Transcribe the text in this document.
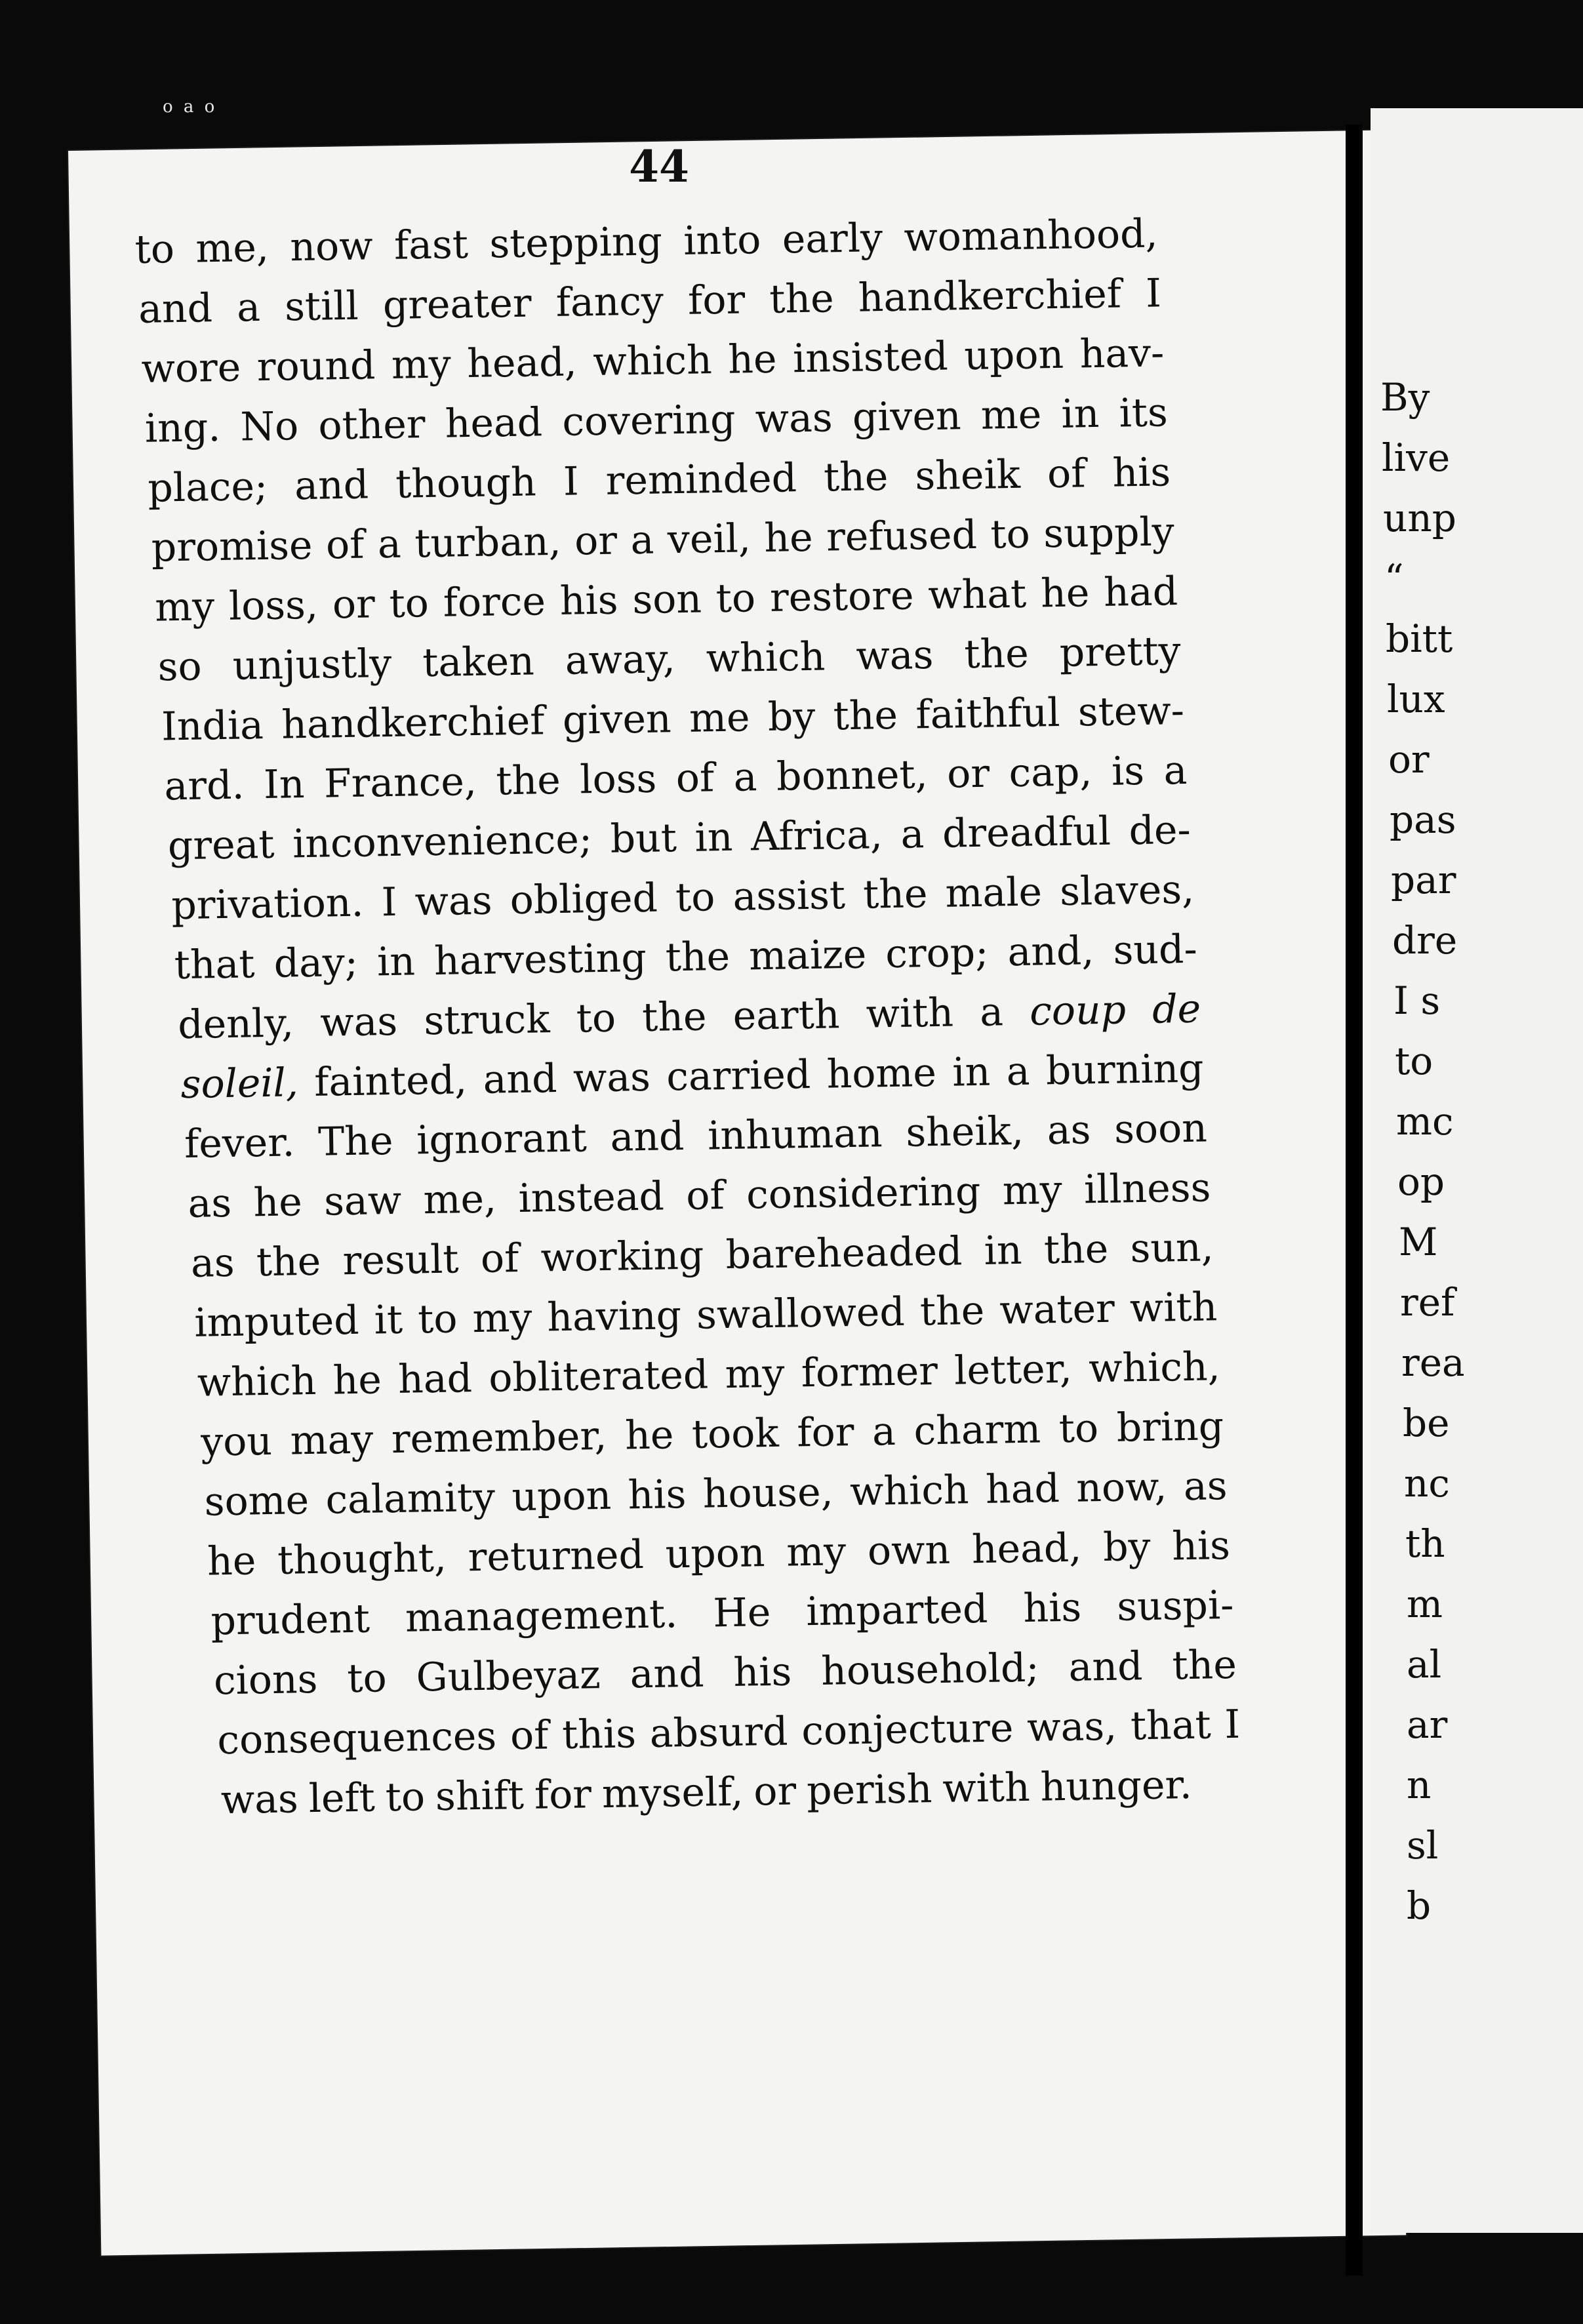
o a o
44
to me, now fast stepping into early womanhood,
and a still greater fancy for the handkerchief I
wore round my head, which he insisted upon hav-
ing. No other head covering was given me in its
place; and though I reminded the sheik of his
promise of a turban, or a veil, he refused to supply
my loss, or to force his son to restore what he had
so unjustly taken away, which was the pretty
India handkerchief given me by the faithful stew-
ard. In France, the loss of a bonnet, or cap, is a
great inconvenience; but in Africa, a dreadful de-
privation. I was obliged to assist the male slaves,
that day; in harvesting the maize crop; and, sud-
denly, was struck to the earth with a coup de
soleil, fainted, and was carried home in a burning
fever. The ignorant and inhuman sheik, as soon
as he saw me, instead of considering my illness
as the result of working bareheaded in the sun,
imputed it to my having swallowed the water with
which he had obliterated my former letter, which,
you may remember, he took for a charm to bring
some calamity upon his house, which had now, as
he thought, returned upon my own head, by his
prudent management. He imparted his suspi-
cions to Gulbeyaz and his household; and the
consequences of this absurd conjecture was, that I
was left to shift for myself, or perish with hunger.
By
live
unp
“
bitt
lux
or
pas
par
dre
I s
to
mc
op
M
ref
rea
be
nc
th
m
al
ar
n
sl
b
